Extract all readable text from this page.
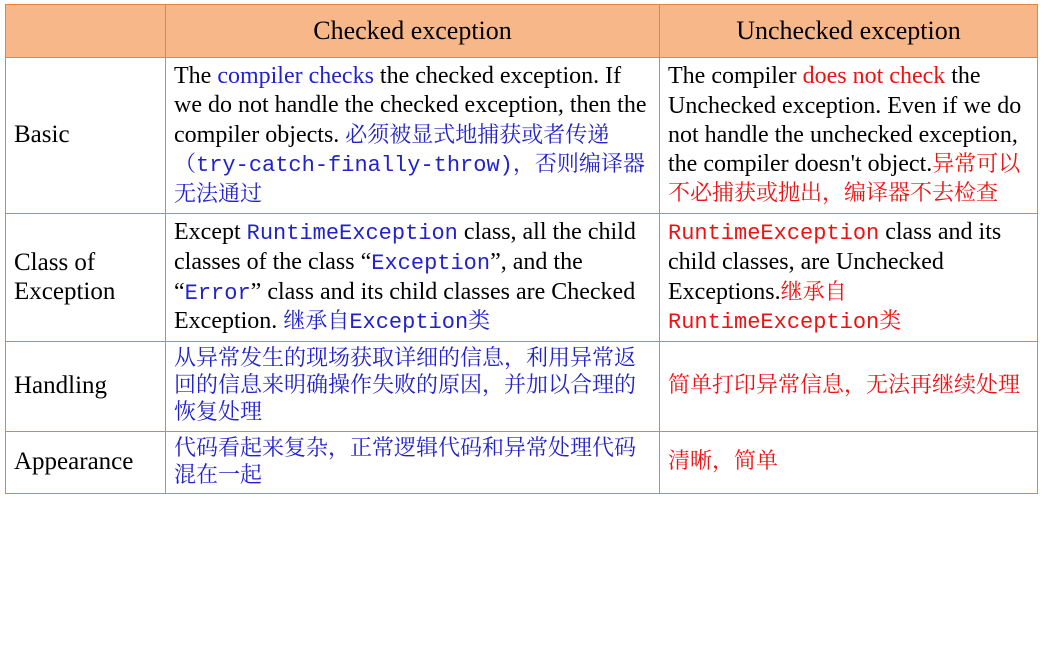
	Checked exception	Unchecked exception
Basic	The compiler checks the checked exception. If we do not handle the checked exception, then the compiler objects. 必须被显式地捕获或者传递（try-catch-finally-throw)，否则编译器无法通过	The compiler does not check the Unchecked exception. Even if we do not handle the unchecked exception, the compiler doesn't object.异常可以不必捕获或抛出，编译器不去检查

Class of Exception	Except RuntimeException class, all the child classes of the class “Exception”, and the “Error” class and its child classes are Checked Exception. 继承自Exception类	RuntimeException class and its child classes, are Unchecked Exceptions.继承自RuntimeException类

Handling	从异常发生的现场获取详细的信息，利用异常返回的信息来明确操作失败的原因，并加以合理的恢复处理	简单打印异常信息，无法再继续处理

Appearance	代码看起来复杂，正常逻辑代码和异常处理代码混在一起	清晰，简单
